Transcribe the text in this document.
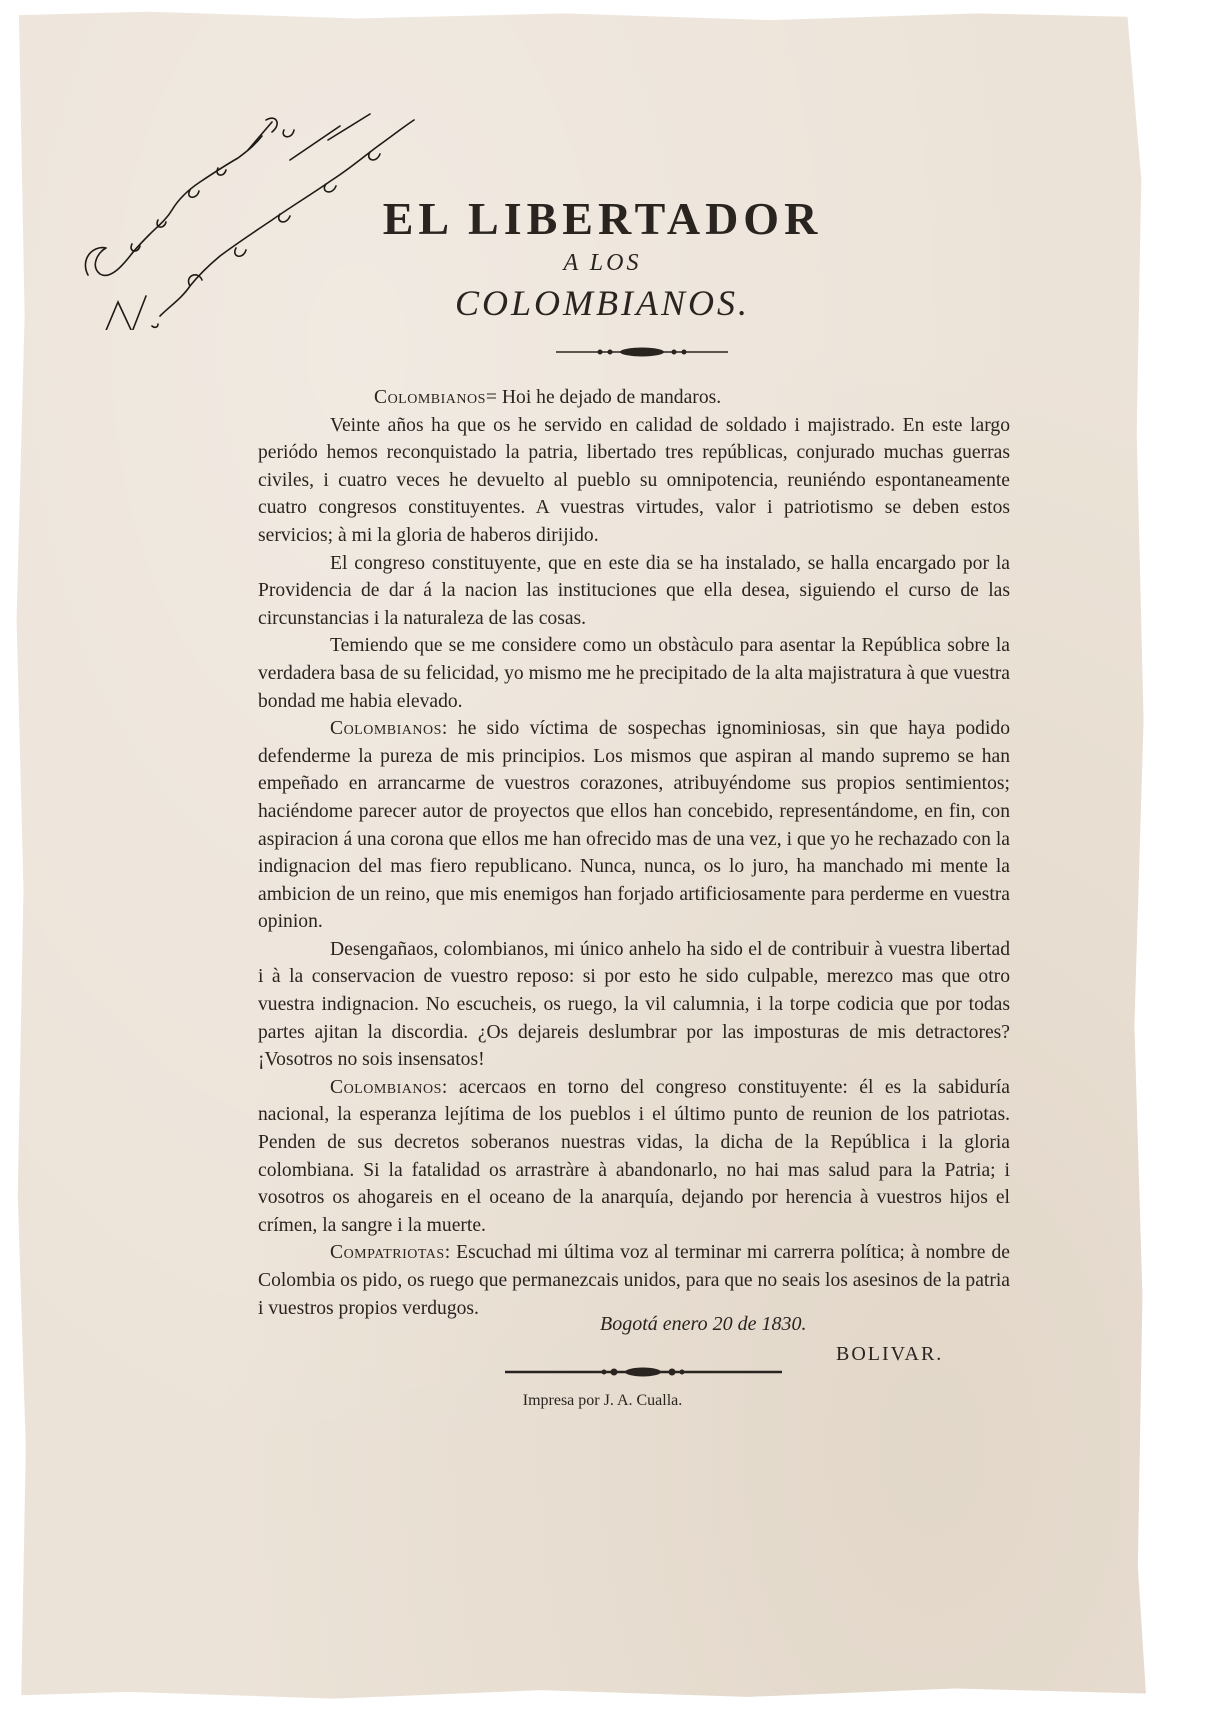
EL LIBERTADOR
A LOS
COLOMBIANOS.

Colombianos= Hoi he dejado de mandaros.

Veinte años ha que os he servido en calidad de soldado i majistrado. En este largo periódo hemos reconquistado la patria, libertado tres repúblicas, conjurado muchas guerras civiles, i cuatro veces he devuelto al pueblo su omnipotencia, reuniéndo espontaneamente cuatro congresos constituyentes. A vuestras virtudes, valor i patriotismo se deben estos servicios; à mi la gloria de haberos dirijido.

El congreso constituyente, que en este dia se ha instalado, se halla encargado por la Providencia de dar á la nacion las instituciones que ella desea, siguiendo el curso de las circunstancias i la naturaleza de las cosas.

Temiendo que se me considere como un obstàculo para asentar la República sobre la verdadera basa de su felicidad, yo mismo me he precipitado de la alta majistratura à que vuestra bondad me habia elevado.

Colombianos: he sido víctima de sospechas ignominiosas, sin que haya podido defenderme la pureza de mis principios. Los mismos que aspiran al mando supremo se han empeñado en arrancarme de vuestros corazones, atribuyéndome sus propios sentimientos; haciéndome parecer autor de proyectos que ellos han concebido, representándome, en fin, con aspiracion á una corona que ellos me han ofrecido mas de una vez, i que yo he rechazado con la indignacion del mas fiero republicano. Nunca, nunca, os lo juro, ha manchado mi mente la ambicion de un reino, que mis enemigos han forjado artificiosamente para perderme en vuestra opinion.

Desengañaos, colombianos, mi único anhelo ha sido el de contribuir à vuestra libertad i à la conservacion de vuestro reposo: si por esto he sido culpable, merezco mas que otro vuestra indignacion. No escucheis, os ruego, la vil calumnia, i la torpe codicia que por todas partes ajitan la discordia. ¿Os dejareis deslumbrar por las imposturas de mis detractores? ¡Vosotros no sois insensatos!

Colombianos: acercaos en torno del congreso constituyente: él es la sabiduría nacional, la esperanza lejítima de los pueblos i el último punto de reunion de los patriotas. Penden de sus decretos soberanos nuestras vidas, la dicha de la República i la gloria colombiana. Si la fatalidad os arrastràre à abandonarlo, no hai mas salud para la Patria; i vosotros os ahogareis en el oceano de la anarquía, dejando por herencia à vuestros hijos el crímen, la sangre i la muerte.

Compatriotas: Escuchad mi última voz al terminar mi carrerra política; à nombre de Colombia os pido, os ruego que permanezcais unidos, para que no seais los asesinos de la patria i vuestros propios verdugos.

Bogotá enero 20 de 1830.
BOLIVAR.
Impresa por J. A. Cualla.
